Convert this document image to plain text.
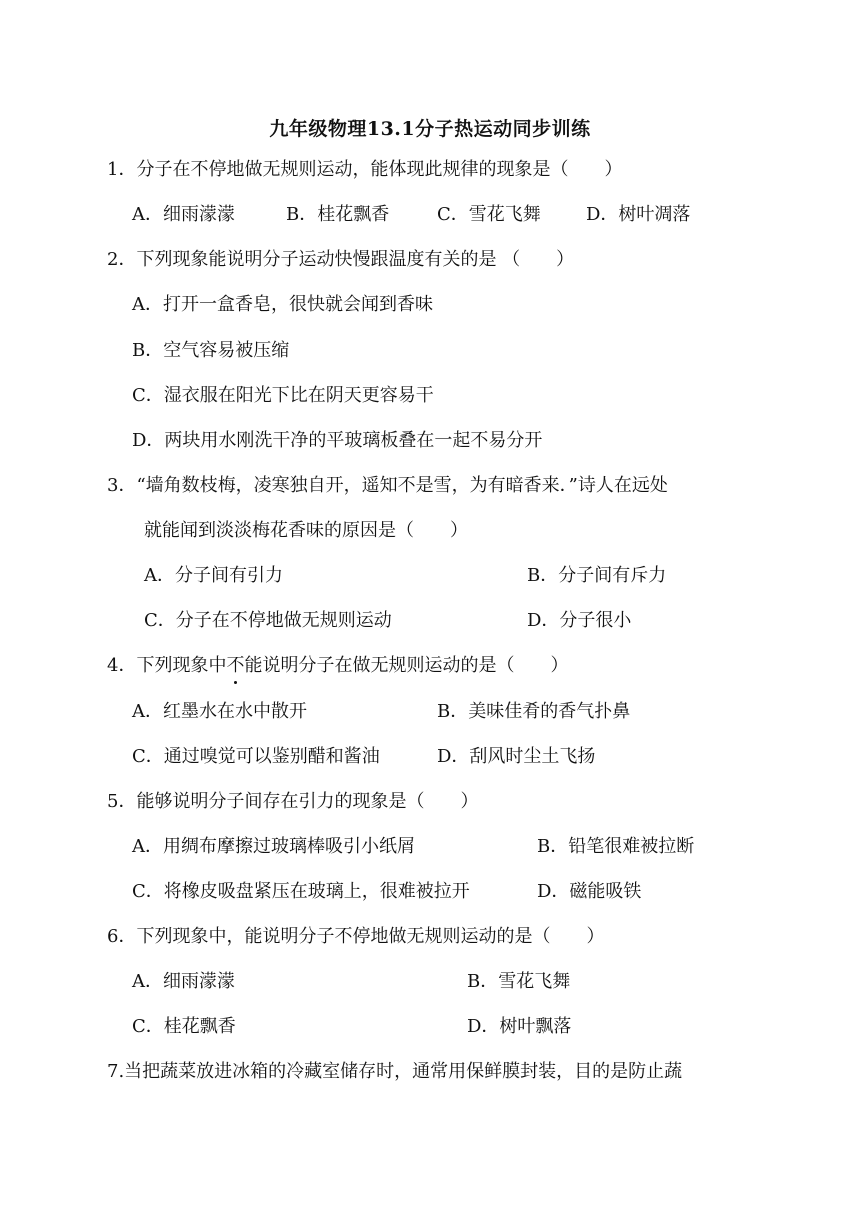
九年级物理13.1分子热运动同步训练
1．分子在不停地做无规则运动，能体现此规律的现象是（　　）
A．细雨濛濛	B．桂花飘香	C．雪花飞舞	D．树叶凋落
2．下列现象能说明分子运动快慢跟温度有关的是 （　　）
A．打开一盒香皂，很快就会闻到香味
B．空气容易被压缩
C．湿衣服在阳光下比在阴天更容易干
D．两块用水刚洗干净的平玻璃板叠在一起不易分开
3．“墙角数枝梅，凌寒独自开，遥知不是雪，为有暗香来．”诗人在远处
就能闻到淡淡梅花香味的原因是（　　）
A．分子间有引力	B．分子间有斥力
C．分子在不停地做无规则运动	D．分子很小
4．下列现象中不能说明分子在做无规则运动的是（　　）
A．红墨水在水中散开	B．美味佳肴的香气扑鼻
C．通过嗅觉可以鉴别醋和酱油	D．刮风时尘土飞扬
5．能够说明分子间存在引力的现象是（　　）
A．用绸布摩擦过玻璃棒吸引小纸屑	B．铅笔很难被拉断
C．将橡皮吸盘紧压在玻璃上，很难被拉开	D．磁能吸铁
6．下列现象中，能说明分子不停地做无规则运动的是（　　）
A．细雨濛濛	B．雪花飞舞
C．桂花飘香	D．树叶飘落
7.当把蔬菜放进冰箱的冷藏室储存时，通常用保鲜膜封装，目的是防止蔬
